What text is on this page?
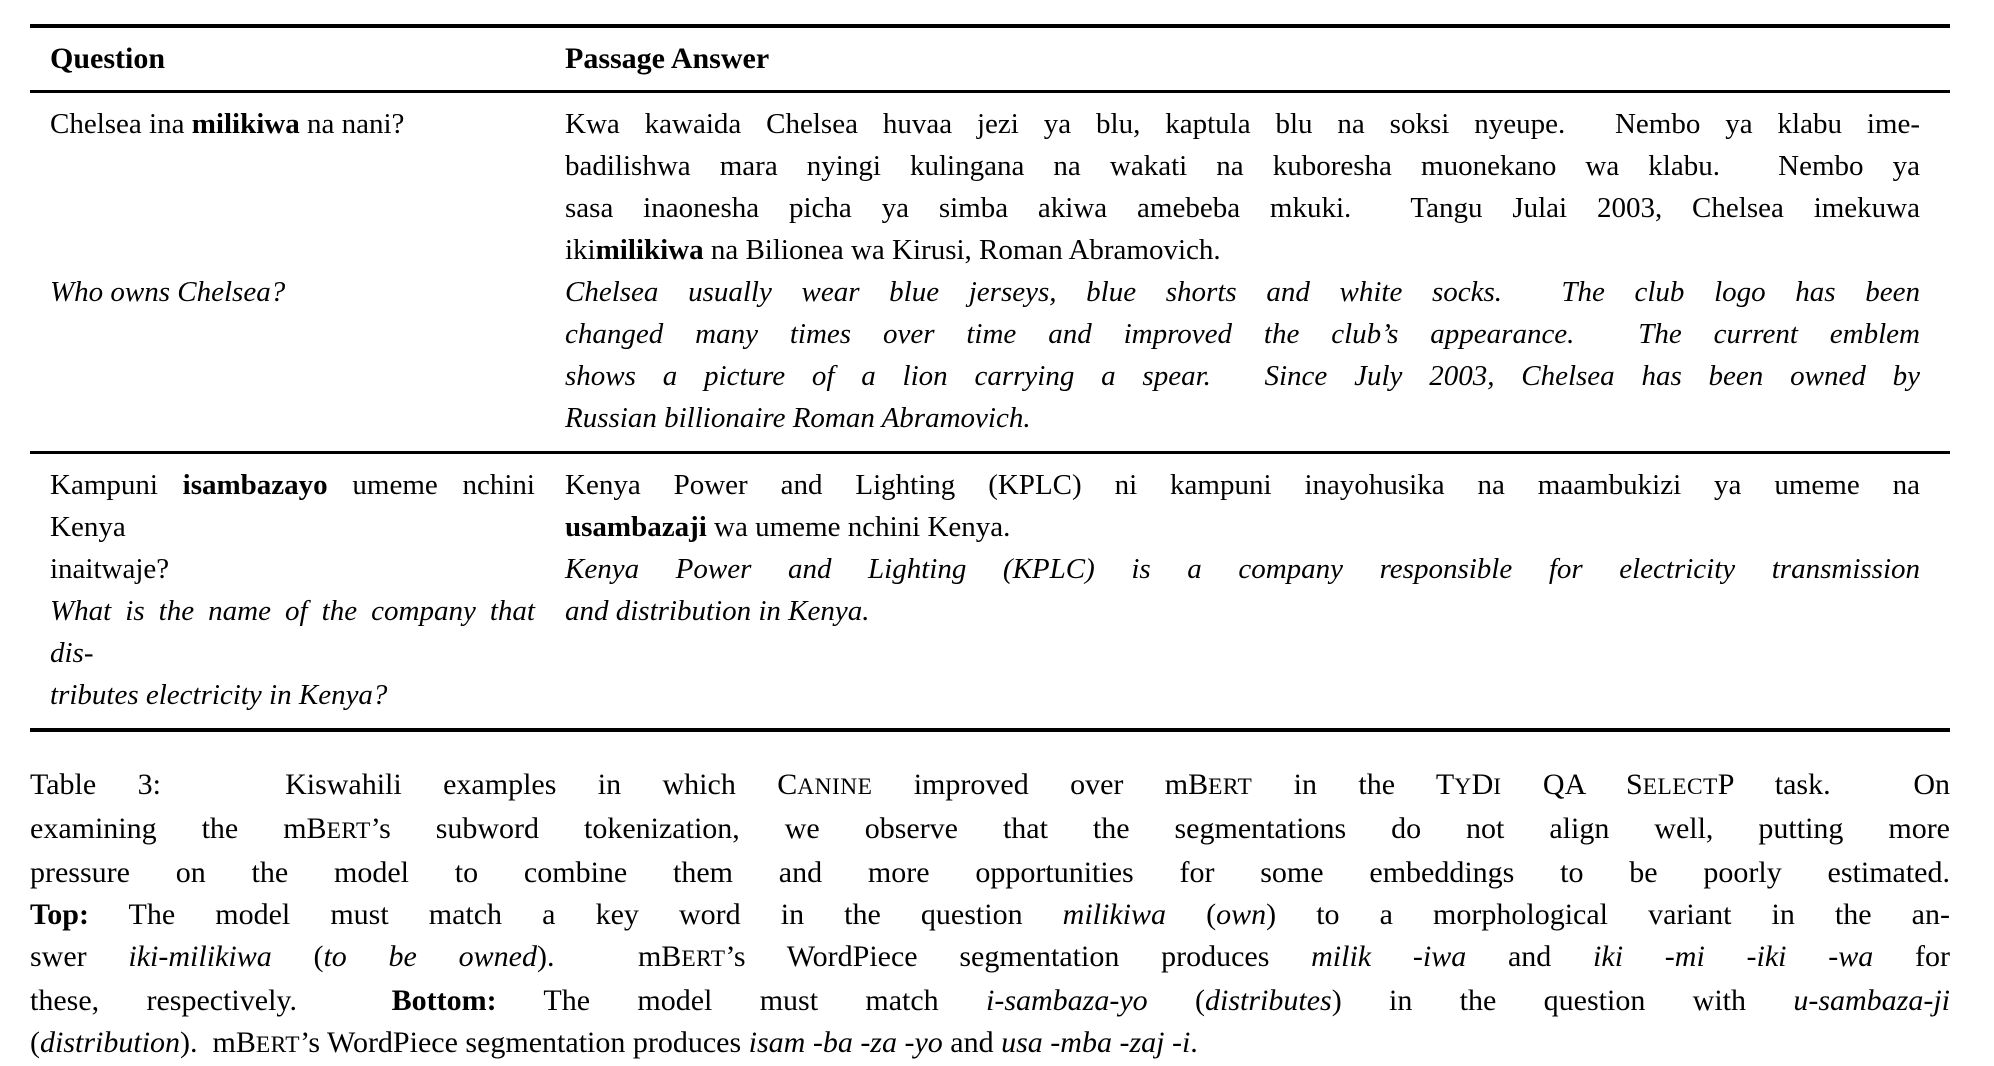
Question	Passage Answer
Chelsea ina milikiwa na nani?
Who owns Chelsea?
Kwa kawaida Chelsea huvaa jezi ya blu, kaptula blu na soksi nyeupe.  Nembo ya klabu ime-
badilishwa mara nyingi kulingana na wakati na kuboresha muonekano wa klabu.  Nembo ya
sasa inaonesha picha ya simba akiwa amebeba mkuki.  Tangu Julai 2003, Chelsea imekuwa
ikimilikiwa na Bilionea wa Kirusi, Roman Abramovich.
Chelsea usually wear blue jerseys, blue shorts and white socks.  The club logo has been
changed many times over time and improved the club’s appearance.  The current emblem
shows a picture of a lion carrying a spear.  Since July 2003, Chelsea has been owned by
Russian billionaire Roman Abramovich.
Kampuni isambazayo umeme nchini Kenya
inaitwaje?
What is the name of the company that dis-
tributes electricity in Kenya?
Kenya Power and Lighting (KPLC) ni kampuni inayohusika na maambukizi ya umeme na
usambazaji wa umeme nchini Kenya.
Kenya Power and Lighting (KPLC) is a company responsible for electricity transmission
and distribution in Kenya.
Table 3:   Kiswahili examples in which CANINE improved over mBERT in the TYDI QA SELECTP task.  On
examining the mBERT’s subword tokenization, we observe that the segmentations do not align well, putting more
pressure on the model to combine them and more opportunities for some embeddings to be poorly estimated.
Top: The model must match a key word in the question milikiwa (own) to a morphological variant in the an-
swer iki-milikiwa (to be owned).  mBERT’s WordPiece segmentation produces milik -iwa and iki -mi -iki -wa for
these, respectively.  Bottom: The model must match i-sambaza-yo (distributes) in the question with u-sambaza-ji
(distribution).  mBERT’s WordPiece segmentation produces isam -ba -za -yo and usa -mba -zaj -i.
